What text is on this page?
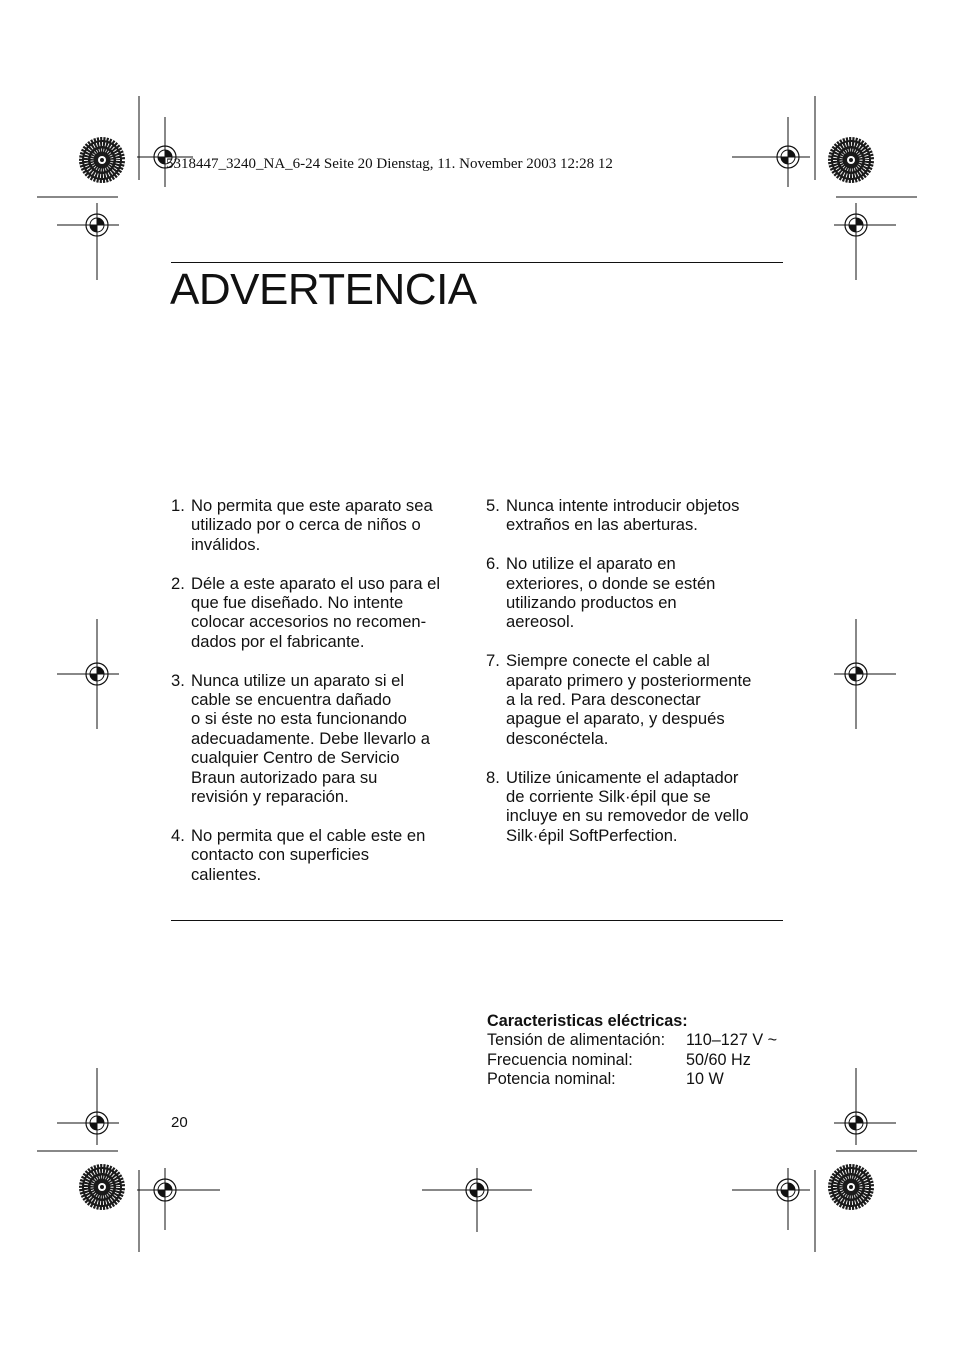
5318447_3240_NA_6-24 Seite 20 Dienstag, 11. November 2003 12:28 12
ADVERTENCIA
1. No permita que este aparato sea
utilizado por o cerca de niños o
inválidos.
2. Déle a este aparato el uso para el
que fue diseñado. No intente
colocar accesorios no recomen-
dados por el fabricante.
3. Nunca utilize un aparato si el
cable se encuentra dañado
o si éste no esta funcionando
adecuadamente. Debe llevarlo a
cualquier Centro de Servicio
Braun autorizado para su
revisión y reparación.
4. No permita que el cable este en
contacto con superficies
calientes.
5. Nunca intente introducir objetos
extraños en las aberturas.
6. No utilize el aparato en
exteriores, o donde se estén
utilizando productos en
aereosol.
7. Siempre conecte el cable al
aparato primero y posteriormente
a la red. Para desconectar
apague el aparato, y después
desconéctela.
8. Utilize únicamente el adaptador
de corriente Silk·épil que se
incluye en su removedor de vello
Silk·épil SoftPerfection.
Caracteristicas eléctricas:
Tensión de alimentación:	110–127 V ~
Frecuencia nominal:	50/60 Hz
Potencia nominal:	10 W
20
